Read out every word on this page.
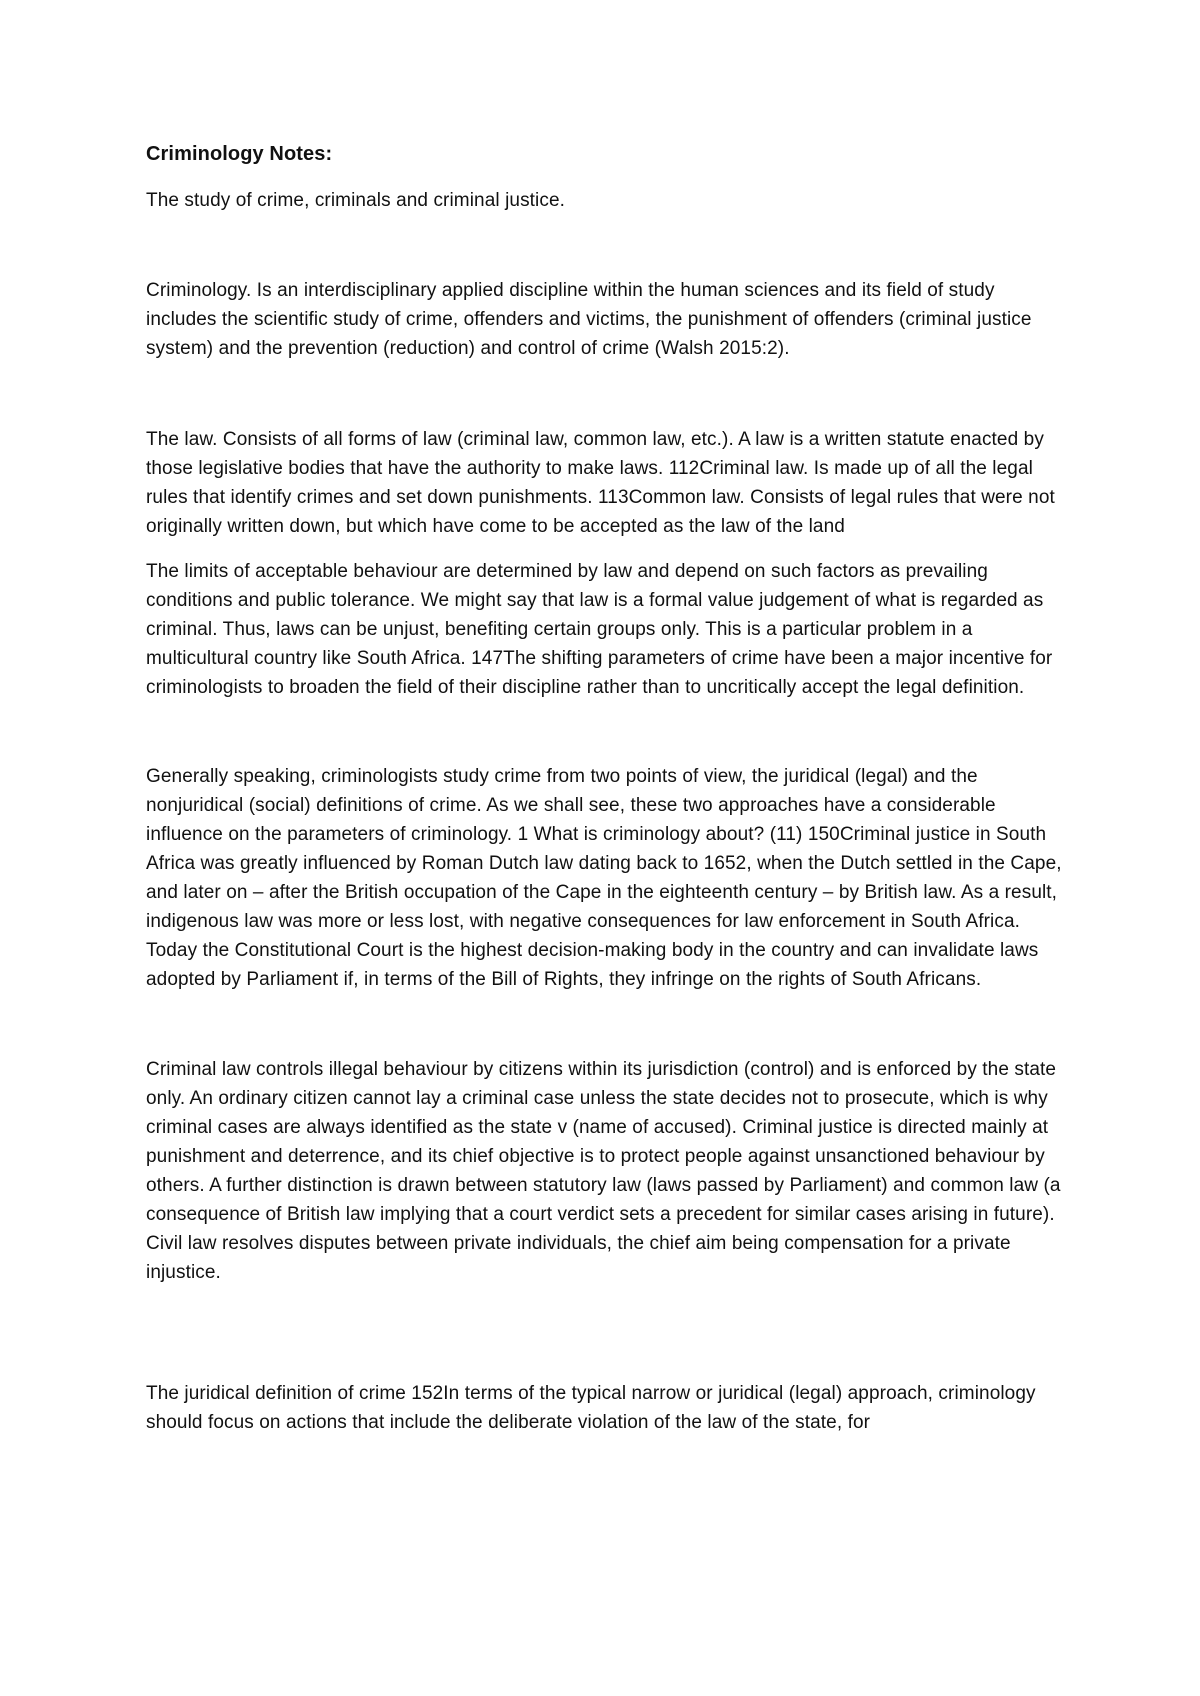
Criminology Notes:

The study of crime, criminals and criminal justice.

Criminology. Is an interdisciplinary applied discipline within the human sciences and its field of study includes the scientific study of crime, offenders and victims, the punishment of offenders (criminal justice system) and the prevention (reduction) and control of crime (Walsh 2015:2).

The law. Consists of all forms of law (criminal law, common law, etc.). A law is a written statute enacted by those legislative bodies that have the authority to make laws. 112Criminal law. Is made up of all the legal rules that identify crimes and set down punishments. 113Common law. Consists of legal rules that were not originally written down, but which have come to be accepted as the law of the land

The limits of acceptable behaviour are determined by law and depend on such factors as prevailing conditions and public tolerance. We might say that law is a formal value judgement of what is regarded as criminal. Thus, laws can be unjust, benefiting certain groups only. This is a particular problem in a multicultural country like South Africa. 147The shifting parameters of crime have been a major incentive for criminologists to broaden the field of their discipline rather than to uncritically accept the legal definition.

Generally speaking, criminologists study crime from two points of view, the juridical (legal) and the nonjuridical (social) definitions of crime. As we shall see, these two approaches have a considerable influence on the parameters of criminology. 1 What is criminology about? (11) 150Criminal justice in South Africa was greatly influenced by Roman Dutch law dating back to 1652, when the Dutch settled in the Cape, and later on – after the British occupation of the Cape in the eighteenth century – by British law. As a result, indigenous law was more or less lost, with negative consequences for law enforcement in South Africa. Today the Constitutional Court is the highest decision-making body in the country and can invalidate laws adopted by Parliament if, in terms of the Bill of Rights, they infringe on the rights of South Africans.

Criminal law controls illegal behaviour by citizens within its jurisdiction (control) and is enforced by the state only. An ordinary citizen cannot lay a criminal case unless the state decides not to prosecute, which is why criminal cases are always identified as the state v (name of accused). Criminal justice is directed mainly at punishment and deterrence, and its chief objective is to protect people against unsanctioned behaviour by others. A further distinction is drawn between statutory law (laws passed by Parliament) and common law (a consequence of British law implying that a court verdict sets a precedent for similar cases arising in future). Civil law resolves disputes between private individuals, the chief aim being compensation for a private injustice.

The juridical definition of crime 152In terms of the typical narrow or juridical (legal) approach, criminology should focus on actions that include the deliberate violation of the law of the state, for
